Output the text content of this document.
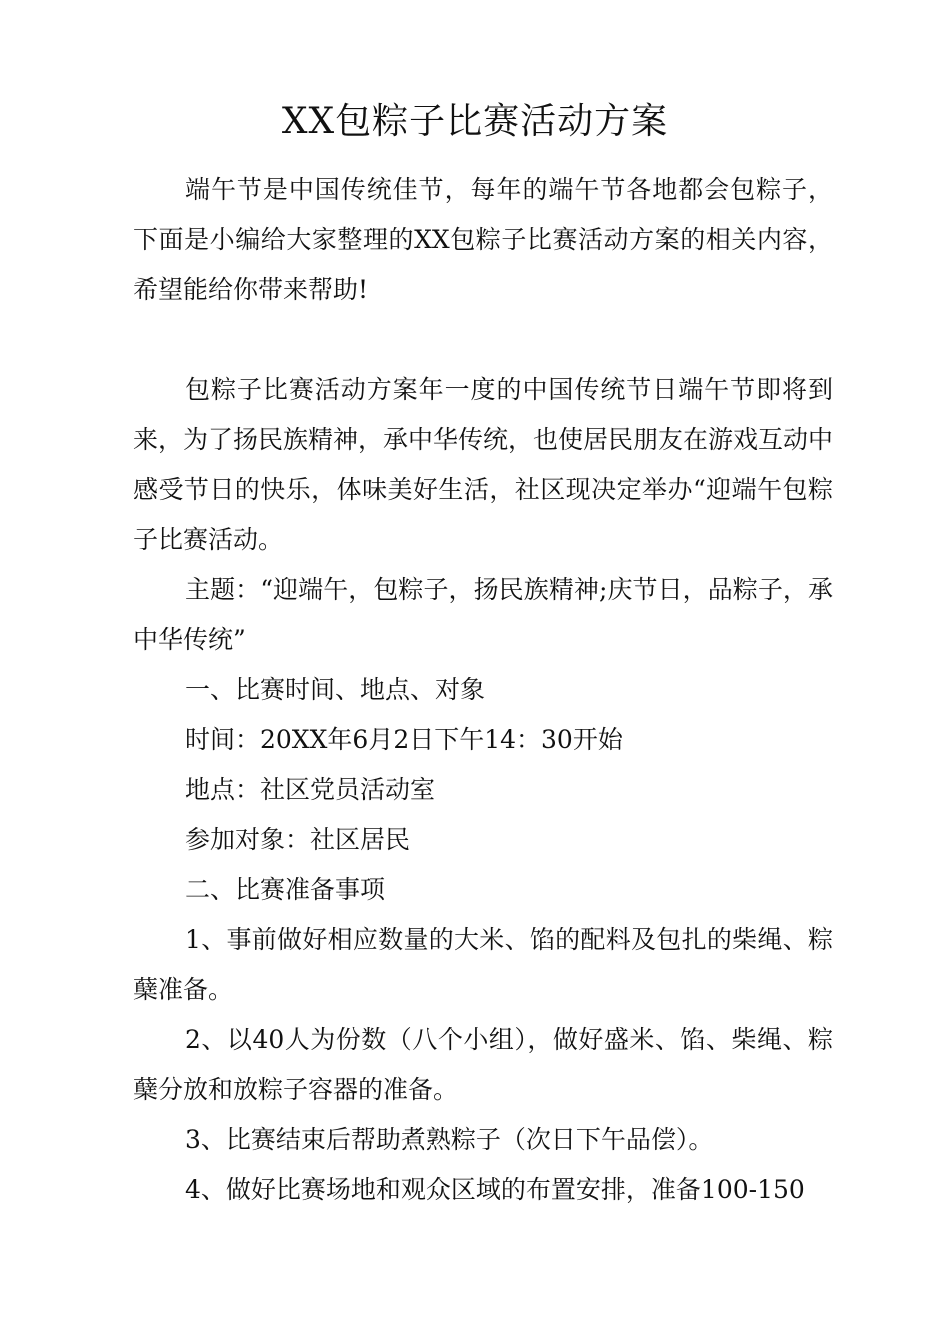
XX包粽子比赛活动方案

端午节是中国传统佳节，每年的端午节各地都会包粽子，下面是小编给大家整理的XX包粽子比赛活动方案的相关内容，希望能给你带来帮助!

包粽子比赛活动方案年一度的中国传统节日端午节即将到来，为了扬民族精神，承中华传统，也使居民朋友在游戏互动中感受节日的快乐，体味美好生活，社区现决定举办“迎端午包粽子比赛活动。

主题：“迎端午，包粽子，扬民族精神;庆节日，品粽子，承中华传统”

一、比赛时间、地点、对象

时间：20XX年6月2日下午14：30开始

地点：社区党员活动室

参加对象：社区居民

二、比赛准备事项

1、事前做好相应数量的大米、馅的配料及包扎的柴绳、粽蘖准备。

2、以40人为份数（八个小组），做好盛米、馅、柴绳、粽蘖分放和放粽子容器的准备。

3、比赛结束后帮助煮熟粽子（次日下午品偿）。

4、做好比赛场地和观众区域的布置安排，准备100-150
